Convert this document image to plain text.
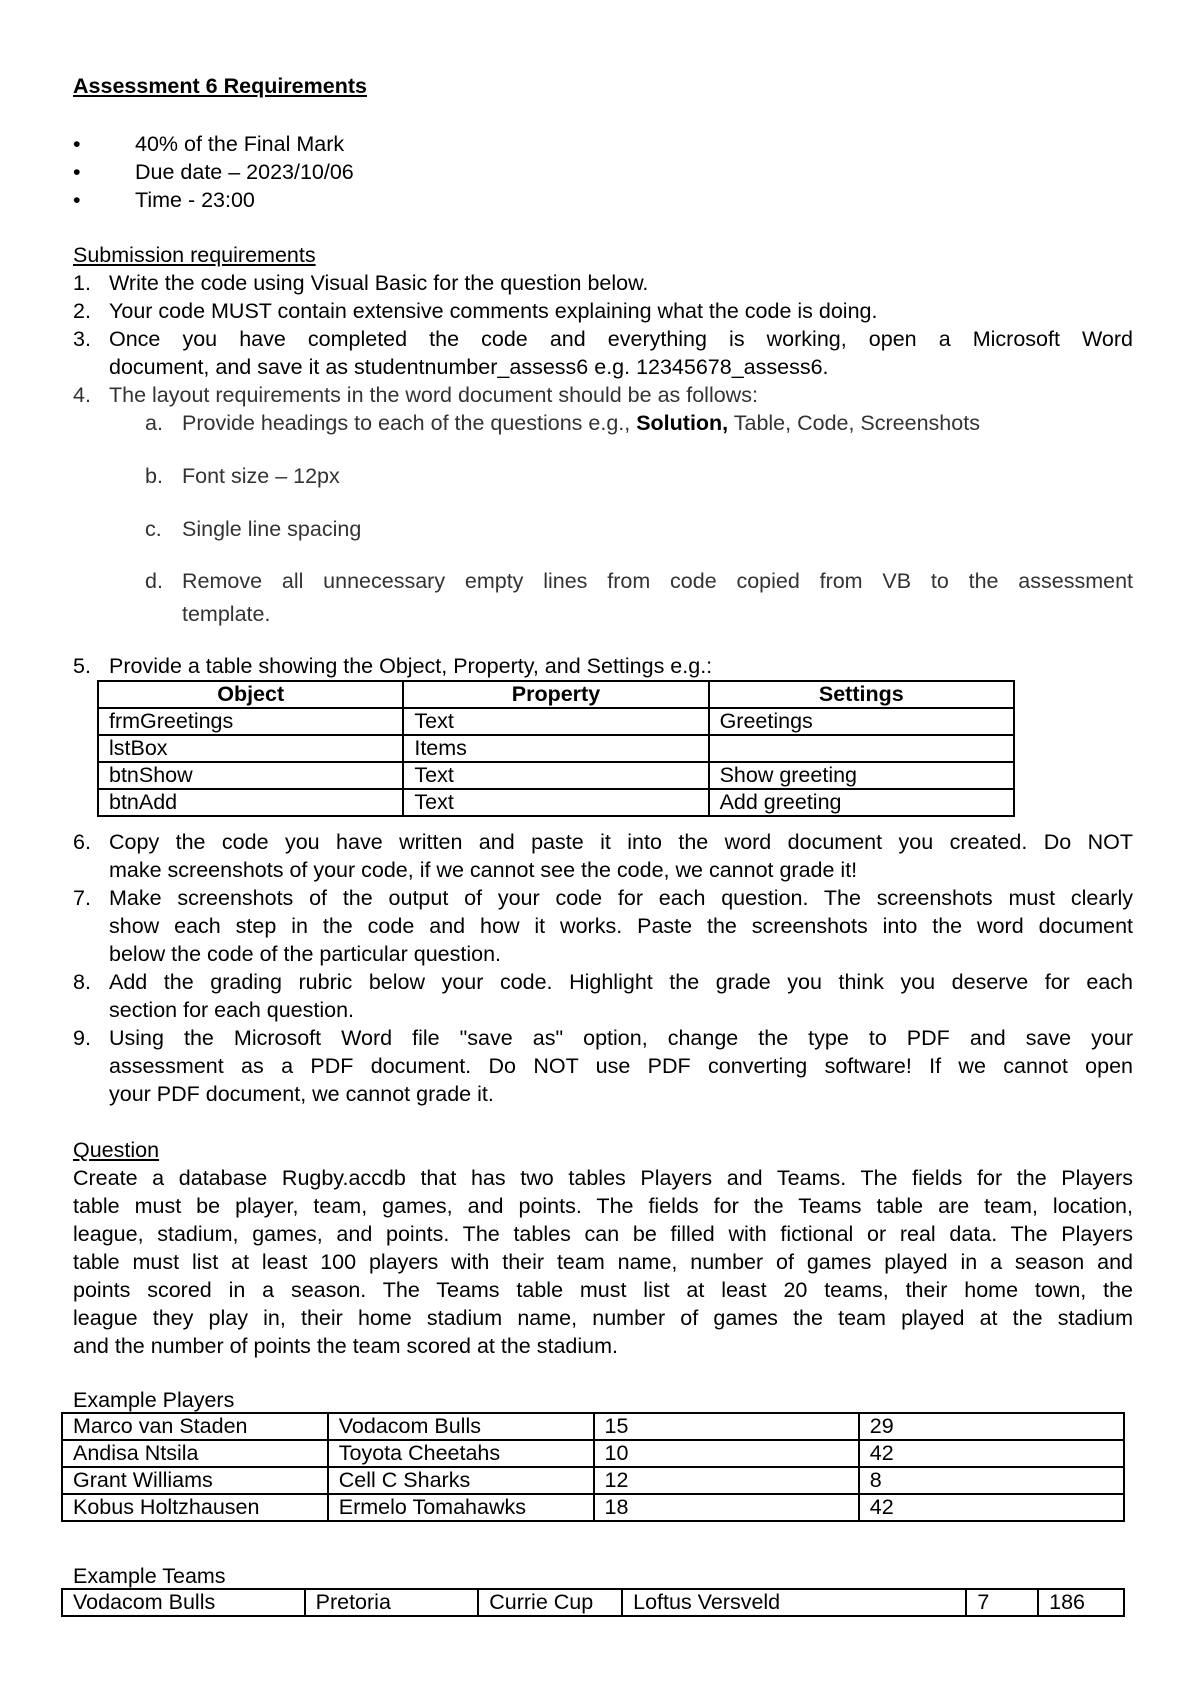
Assessment 6 Requirements
•	40% of the Final Mark
•	Due date – 2023/10/06
•	Time - 23:00
Submission requirements
1. Write the code using Visual Basic for the question below.
2. Your code MUST contain extensive comments explaining what the code is doing.
3. Once you have completed the code and everything is working, open a Microsoft Word
document, and save it as studentnumber_assess6 e.g. 12345678_assess6.
4. The layout requirements in the word document should be as follows:
a. Provide headings to each of the questions e.g., Solution, Table, Code, Screenshots
b. Font size – 12px
c. Single line spacing
d. Remove all unnecessary empty lines from code copied from VB to the assessment
template.
5. Provide a table showing the Object, Property, and Settings e.g.:
Object	Property	Settings
frmGreetings	Text	Greetings
lstBox	Items	
btnShow	Text	Show greeting
btnAdd	Text	Add greeting
6. Copy the code you have written and paste it into the word document you created. Do NOT
make screenshots of your code, if we cannot see the code, we cannot grade it!
7. Make screenshots of the output of your code for each question. The screenshots must clearly
show each step in the code and how it works. Paste the screenshots into the word document
below the code of the particular question.
8. Add the grading rubric below your code. Highlight the grade you think you deserve for each
section for each question.
9. Using the Microsoft Word file "save as" option, change the type to PDF and save your
assessment as a PDF document. Do NOT use PDF converting software! If we cannot open
your PDF document, we cannot grade it.
Question
Create a database Rugby.accdb that has two tables Players and Teams. The fields for the Players
table must be player, team, games, and points. The fields for the Teams table are team, location,
league, stadium, games, and points. The tables can be filled with fictional or real data. The Players
table must list at least 100 players with their team name, number of games played in a season and
points scored in a season. The Teams table must list at least 20 teams, their home town, the
league they play in, their home stadium name, number of games the team played at the stadium
and the number of points the team scored at the stadium.
Example Players
Marco van Staden	Vodacom Bulls	15	29
Andisa Ntsila	Toyota Cheetahs	10	42
Grant Williams	Cell C Sharks	12	8
Kobus Holtzhausen	Ermelo Tomahawks	18	42
Example Teams
Vodacom Bulls	Pretoria	Currie Cup	Loftus Versveld	7	186
